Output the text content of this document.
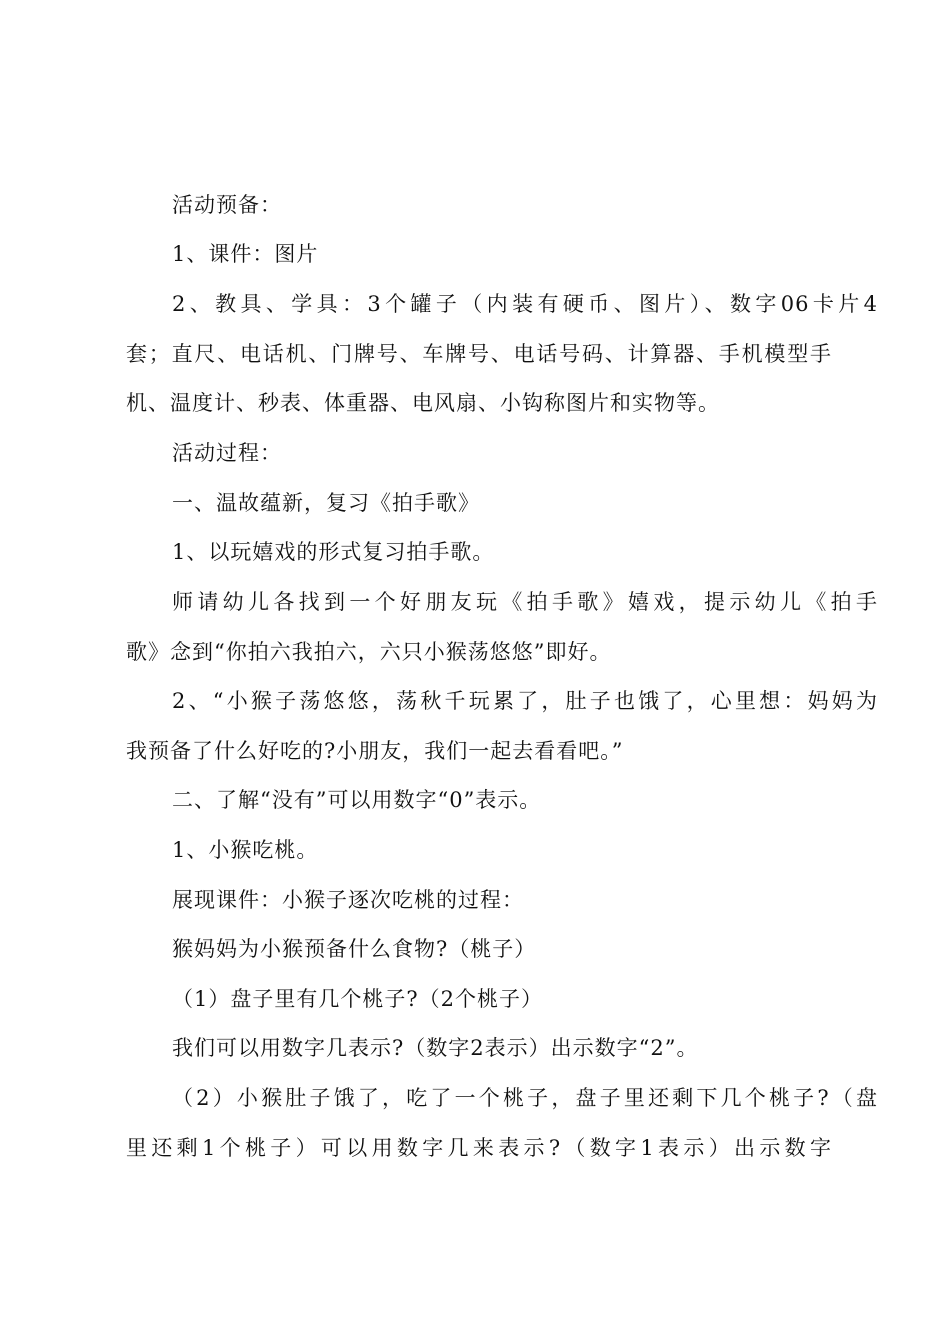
活动预备：
1、课件：图片
2、教具、学具：3个罐子（内装有硬币、图片）、数字06卡片4
套；直尺、电话机、门牌号、车牌号、电话号码、计算器、手机模型手
机、温度计、秒表、体重器、电风扇、小钩称图片和实物等。
活动过程：
一、温故蕴新，复习《拍手歌》
1、以玩嬉戏的形式复习拍手歌。
师请幼儿各找到一个好朋友玩《拍手歌》嬉戏，提示幼儿《拍手
歌》念到“你拍六我拍六，六只小猴荡悠悠”即好。
2、“小猴子荡悠悠，荡秋千玩累了，肚子也饿了，心里想：妈妈为
我预备了什么好吃的?小朋友，我们一起去看看吧。”
二、了解“没有”可以用数字“0”表示。
1、小猴吃桃。
展现课件：小猴子逐次吃桃的过程：
猴妈妈为小猴预备什么食物?（桃子）
（1）盘子里有几个桃子?（2个桃子）
我们可以用数字几表示?（数字2表示）出示数字“2”。
（2）小猴肚子饿了，吃了一个桃子，盘子里还剩下几个桃子?（盘
里还剩1个桃子）可以用数字几来表示?（数字1表示）出示数字
